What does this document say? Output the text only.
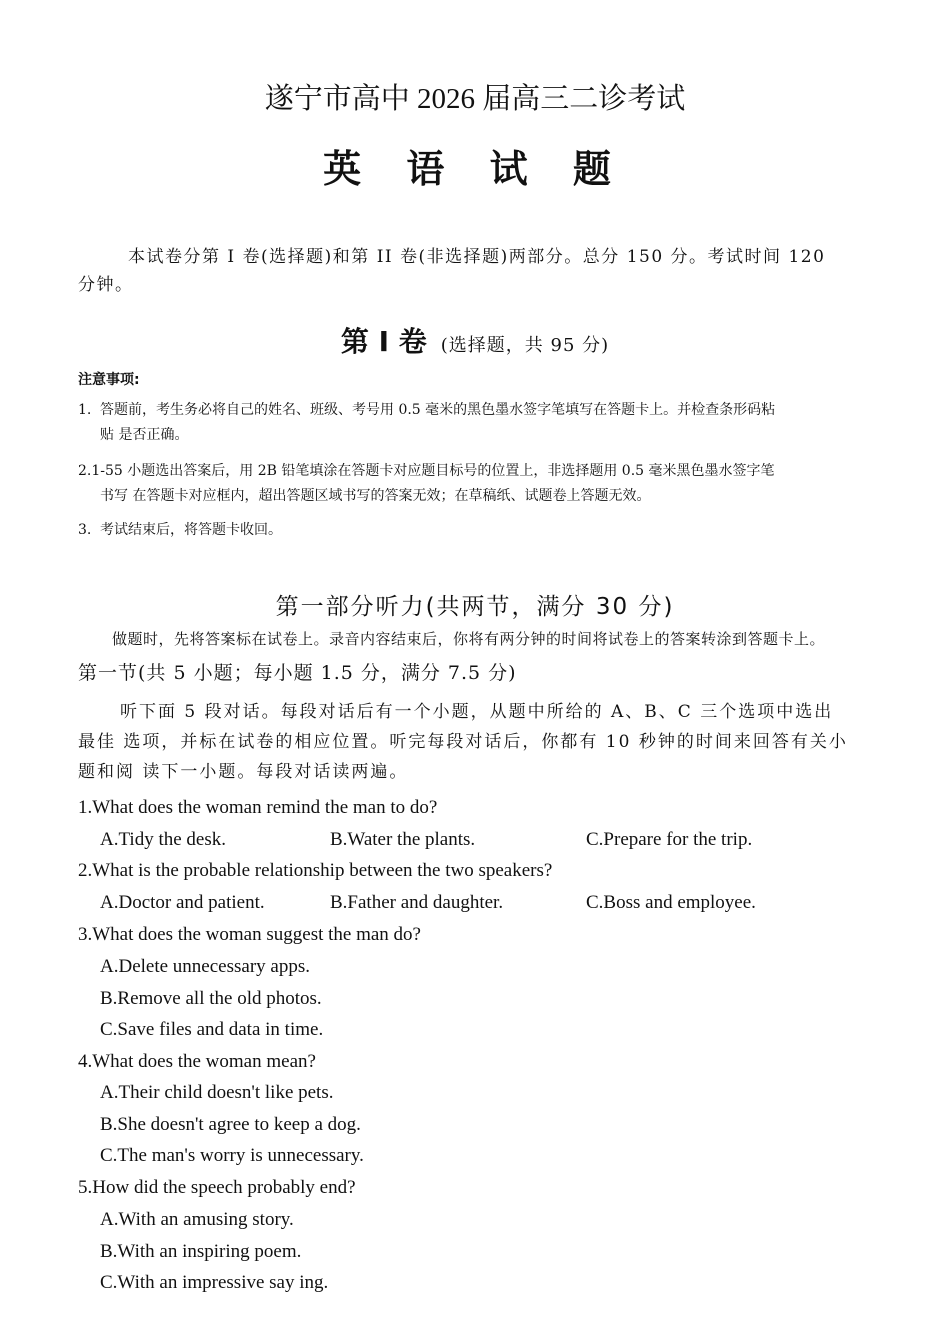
遂宁市高中 2026 届高三二诊考试
英 语 试 题
本试卷分第 I 卷(选择题)和第 II 卷(非选择题)两部分。总分 150 分。考试时间 120 分钟。
第 I 卷 (选择题，共 95 分)
注意事项:
1. 答题前，考生务必将自己的姓名、班级、考号用 0.5 毫米的黑色墨水签字笔填写在答题卡上。并检查条形码粘
贴 是否正确。
2.1-55 小题选出答案后，用 2B 铅笔填涂在答题卡对应题目标号的位置上，非选择题用 0.5 毫米黑色墨水签字笔
书写 在答题卡对应框内，超出答题区域书写的答案无效；在草稿纸、试题卷上答题无效。
3. 考试结束后，将答题卡收回。
第一部分听力(共两节，满分 30 分)
做题时，先将答案标在试卷上。录音内容结束后，你将有两分钟的时间将试卷上的答案转涂到答题卡上。
第一节(共 5 小题；每小题 1.5 分，满分 7.5 分)
听下面 5 段对话。每段对话后有一个小题，从题中所给的 A、B、C 三个选项中选出最佳 选项，并标在试卷的相应位置。听完每段对话后，你都有 10 秒钟的时间来回答有关小题和阅 读下一小题。每段对话读两遍。
1.What does the woman remind the man to do?
A.Tidy the desk.	B.Water the plants.	C.Prepare for the trip.
2.What is the probable relationship between the two speakers?
A.Doctor and patient.	B.Father and daughter.	C.Boss and employee.
3.What does the woman suggest the man do?
A.Delete unnecessary apps.
B.Remove all the old photos.
C.Save files and data in time.
4.What does the woman mean?
A.Their child doesn't like pets.
B.She doesn't agree to keep a dog.
C.The man's worry is unnecessary.
5.How did the speech probably end?
A.With an amusing story.
B.With an inspiring poem.
C.With an impressive say ing.
